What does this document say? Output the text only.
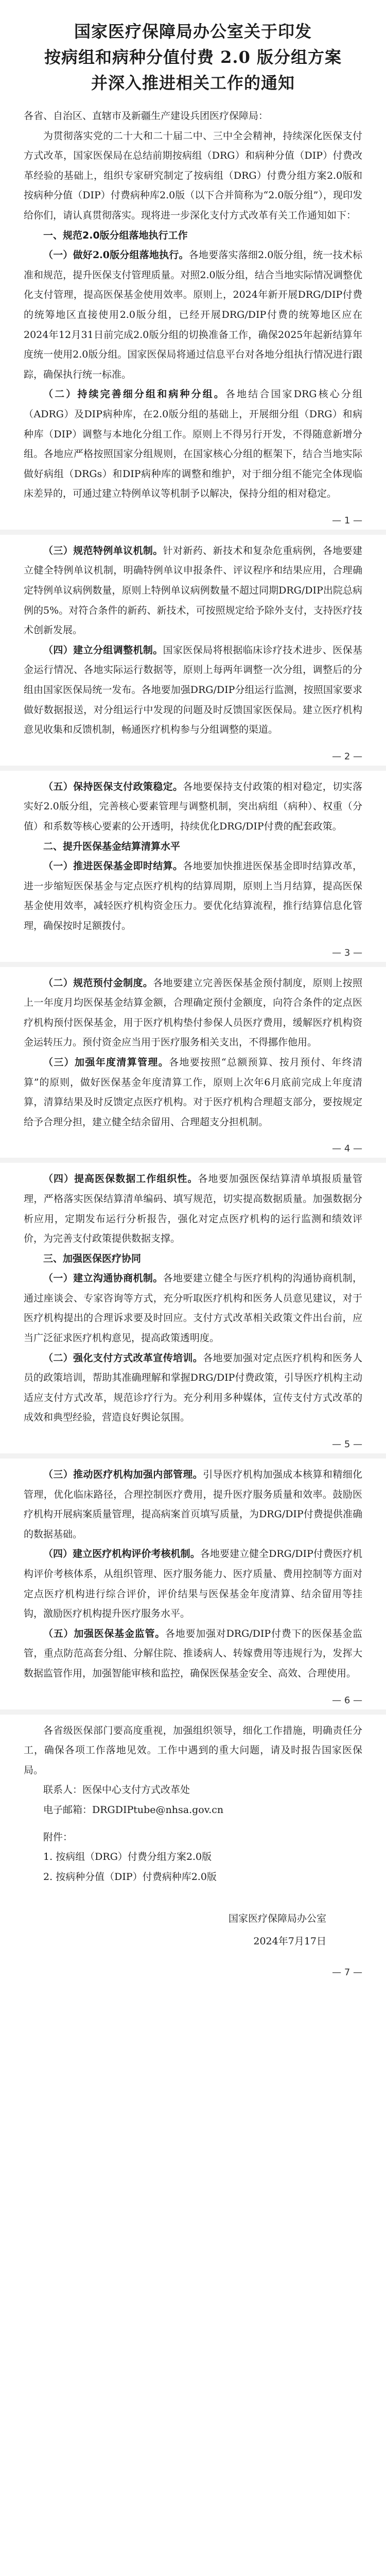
国家医疗保障局办公室关于印发
按病组和病种分值付费 2.0 版分组方案
并深入推进相关工作的通知

各省、自治区、直辖市及新疆生产建设兵团医疗保障局：

为贯彻落实党的二十大和二十届二中、三中全会精神，持续深化医保支付方式改革，国家医保局在总结前期按病组（DRG）和病种分值（DIP）付费改革经验的基础上，组织专家研究制定了按病组（DRG）付费分组方案2.0版和按病种分值（DIP）付费病种库2.0版（以下合并简称为“2.0版分组”），现印发给你们，请认真贯彻落实。现将进一步深化支付方式改革有关工作通知如下：

一、规范2.0版分组落地执行工作

（一）做好2.0版分组落地执行。各地要落实落细2.0版分组，统一技术标准和规范，提升医保支付管理质量。对照2.0版分组，结合当地实际情况调整优化支付管理，提高医保基金使用效率。原则上，2024年新开展DRG/DIP付费的统筹地区直接使用2.0版分组，已经开展DRG/DIP付费的统筹地区应在2024年12月31日前完成2.0版分组的切换准备工作，确保2025年起新结算年度统一使用2.0版分组。国家医保局将通过信息平台对各地分组执行情况进行跟踪，确保执行统一标准。

（二）持续完善细分组和病种分组。各地结合国家DRG核心分组（ADRG）及DIP病种库，在2.0版分组的基础上，开展细分组（DRG）和病种库（DIP）调整与本地化分组工作。原则上不得另行开发，不得随意新增分组。各地应严格按照国家分组规则，在国家核心分组的框架下，结合当地实际做好病组（DRGs）和DIP病种库的调整和维护，对于细分组不能完全体现临床差异的，可通过建立特例单议等机制予以解决，保持分组的相对稳定。

— 1 —

（三）规范特例单议机制。针对新药、新技术和复杂危重病例，各地要建立健全特例单议机制，明确特例单议申报条件、评议程序和结果应用，合理确定特例单议病例数量，原则上特例单议病例数量不超过同期DRG/DIP出院总病例的5%。对符合条件的新药、新技术，可按照规定给予除外支付，支持医疗技术创新发展。

（四）建立分组调整机制。国家医保局将根据临床诊疗技术进步、医保基金运行情况、各地实际运行数据等，原则上每两年调整一次分组，调整后的分组由国家医保局统一发布。各地要加强DRG/DIP分组运行监测，按照国家要求做好数据报送，对分组运行中发现的问题及时反馈国家医保局。建立医疗机构意见收集和反馈机制，畅通医疗机构参与分组调整的渠道。

— 2 —

（五）保持医保支付政策稳定。各地要保持支付政策的相对稳定，切实落实好2.0版分组，完善核心要素管理与调整机制，突出病组（病种）、权重（分值）和系数等核心要素的公开透明，持续优化DRG/DIP付费的配套政策。

二、提升医保基金结算清算水平

（一）推进医保基金即时结算。各地要加快推进医保基金即时结算改革，进一步缩短医保基金与定点医疗机构的结算周期，原则上当月结算，提高医保基金使用效率，减轻医疗机构资金压力。要优化结算流程，推行结算信息化管理，确保按时足额拨付。

— 3 —

（二）规范预付金制度。各地要建立完善医保基金预付制度，原则上按照上一年度月均医保基金结算金额，合理确定预付金额度，向符合条件的定点医疗机构预付医保基金，用于医疗机构垫付参保人员医疗费用，缓解医疗机构资金运转压力。预付资金应当用于医疗服务相关支出，不得挪作他用。

（三）加强年度清算管理。各地要按照“总额预算、按月预付、年终清算”的原则，做好医保基金年度清算工作，原则上次年6月底前完成上年度清算，清算结果及时反馈定点医疗机构。对于医疗机构合理超支部分，要按规定给予合理分担，建立健全结余留用、合理超支分担机制。

— 4 —

（四）提高医保数据工作组织性。各地要加强医保结算清单填报质量管理，严格落实医保结算清单编码、填写规范，切实提高数据质量。加强数据分析应用，定期发布运行分析报告，强化对定点医疗机构的运行监测和绩效评价，为完善支付政策提供数据支撑。

三、加强医保医疗协同

（一）建立沟通协商机制。各地要建立健全与医疗机构的沟通协商机制，通过座谈会、专家咨询等方式，充分听取医疗机构和医务人员意见建议，对于医疗机构提出的合理诉求要及时回应。支付方式改革相关政策文件出台前，应当广泛征求医疗机构意见，提高政策透明度。

（二）强化支付方式改革宣传培训。各地要加强对定点医疗机构和医务人员的政策培训，帮助其准确理解和掌握DRG/DIP付费政策，引导医疗机构主动适应支付方式改革，规范诊疗行为。充分利用多种媒体，宣传支付方式改革的成效和典型经验，营造良好舆论氛围。

— 5 —

（三）推动医疗机构加强内部管理。引导医疗机构加强成本核算和精细化管理，优化临床路径，合理控制医疗费用，提升医疗服务质量和效率。鼓励医疗机构开展病案质量管理，提高病案首页填写质量，为DRG/DIP付费提供准确的数据基础。

（四）建立医疗机构评价考核机制。各地要建立健全DRG/DIP付费医疗机构评价考核体系，从组织管理、医疗服务能力、医疗质量、费用控制等方面对定点医疗机构进行综合评价，评价结果与医保基金年度清算、结余留用等挂钩，激励医疗机构提升医疗服务水平。

（五）加强医保基金监管。各地要加强对DRG/DIP付费下的医保基金监管，重点防范高套分组、分解住院、推诿病人、转嫁费用等违规行为，发挥大数据监管作用，加强智能审核和监控，确保医保基金安全、高效、合理使用。

— 6 —

各省级医保部门要高度重视，加强组织领导，细化工作措施，明确责任分工，确保各项工作落地见效。工作中遇到的重大问题，请及时报告国家医保局。

联系人：医保中心支付方式改革处

电子邮箱：DRGDIPtube@nhsa.gov.cn

附件：

1. 按病组（DRG）付费分组方案2.0版

2. 按病种分值（DIP）付费病种库2.0版

国家医疗保障局办公室
2024年7月17日
— 7 —
